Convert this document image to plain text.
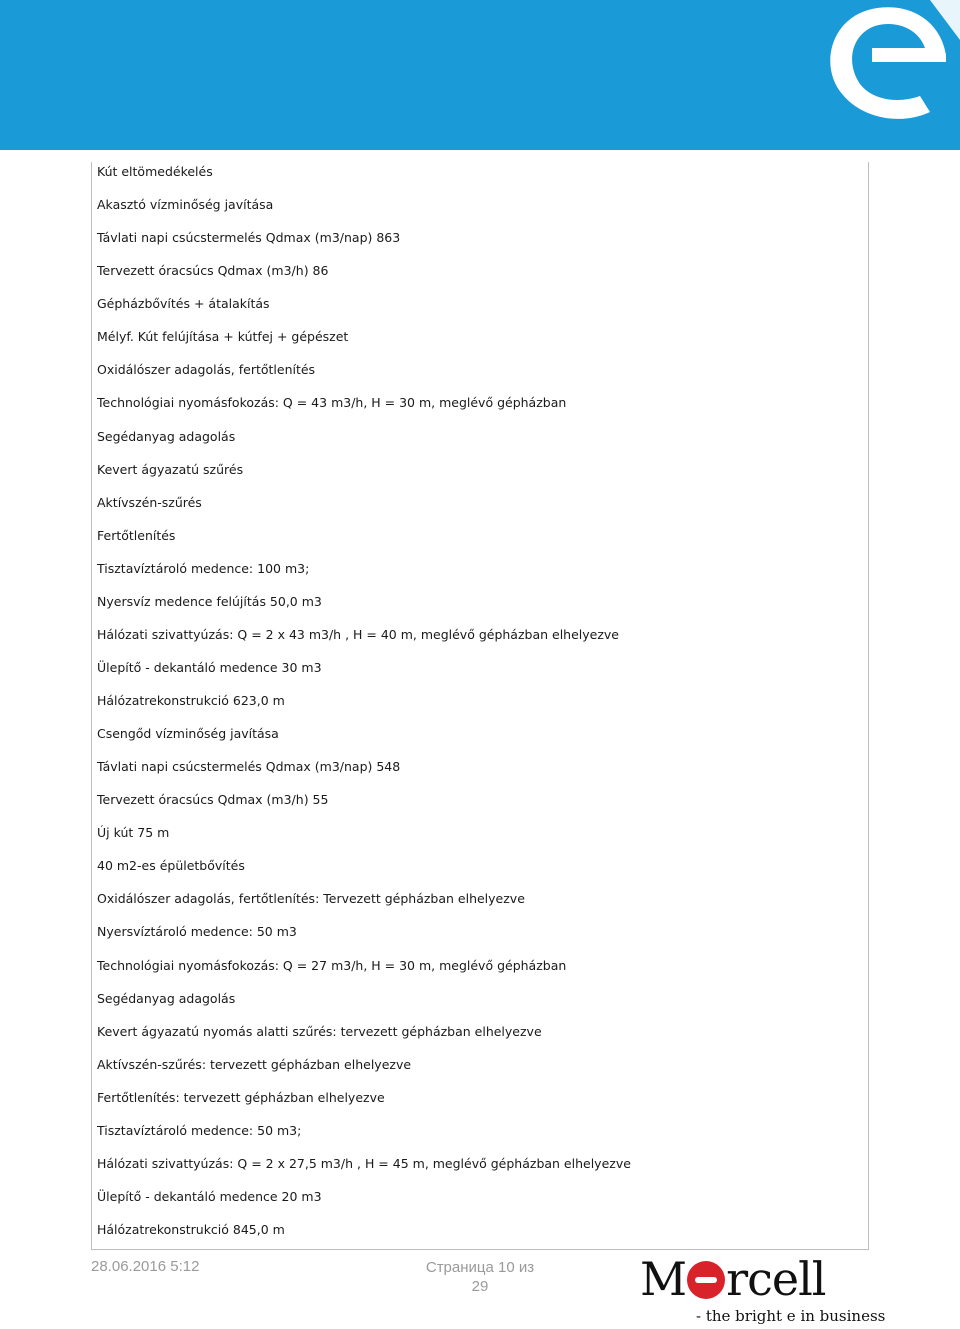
Kút eltömedékelés
Akasztó vízminőség javítása
Távlati napi csúcstermelés Qdmax (m3/nap) 863
Tervezett óracsúcs Qdmax (m3/h) 86
Gépházbővítés + átalakítás
Mélyf. Kút felújítása + kútfej + gépészet
Oxidálószer adagolás, fertőtlenítés
Technológiai nyomásfokozás: Q = 43 m3/h, H = 30 m, meglévő gépházban
Segédanyag adagolás
Kevert ágyazatú szűrés
Aktívszén-szűrés
Fertőtlenítés
Tisztavíztároló medence: 100 m3;
Nyersvíz medence felújítás 50,0 m3
Hálózati szivattyúzás: Q = 2 x 43 m3/h , H = 40 m, meglévő gépházban elhelyezve
Ülepítő - dekantáló medence 30 m3
Hálózatrekonstrukció 623,0 m
Csengőd vízminőség javítása
Távlati napi csúcstermelés Qdmax (m3/nap) 548
Tervezett óracsúcs Qdmax (m3/h) 55
Új kút 75 m
40 m2-es épületbővítés
Oxidálószer adagolás, fertőtlenítés: Tervezett gépházban elhelyezve
Nyersvíztároló medence: 50 m3
Technológiai nyomásfokozás: Q = 27 m3/h, H = 30 m, meglévő gépházban
Segédanyag adagolás
Kevert ágyazatú nyomás alatti szűrés: tervezett gépházban elhelyezve
Aktívszén-szűrés: tervezett gépházban elhelyezve
Fertőtlenítés: tervezett gépházban elhelyezve
Tisztavíztároló medence: 50 m3;
Hálózati szivattyúzás: Q = 2 x 27,5 m3/h , H = 45 m, meglévő gépházban elhelyezve
Ülepítő - dekantáló medence 20 m3
Hálózatrekonstrukció 845,0 m
28.06.2016 5:12	Страница 10 из
29	M rcell
- the bright e in business
